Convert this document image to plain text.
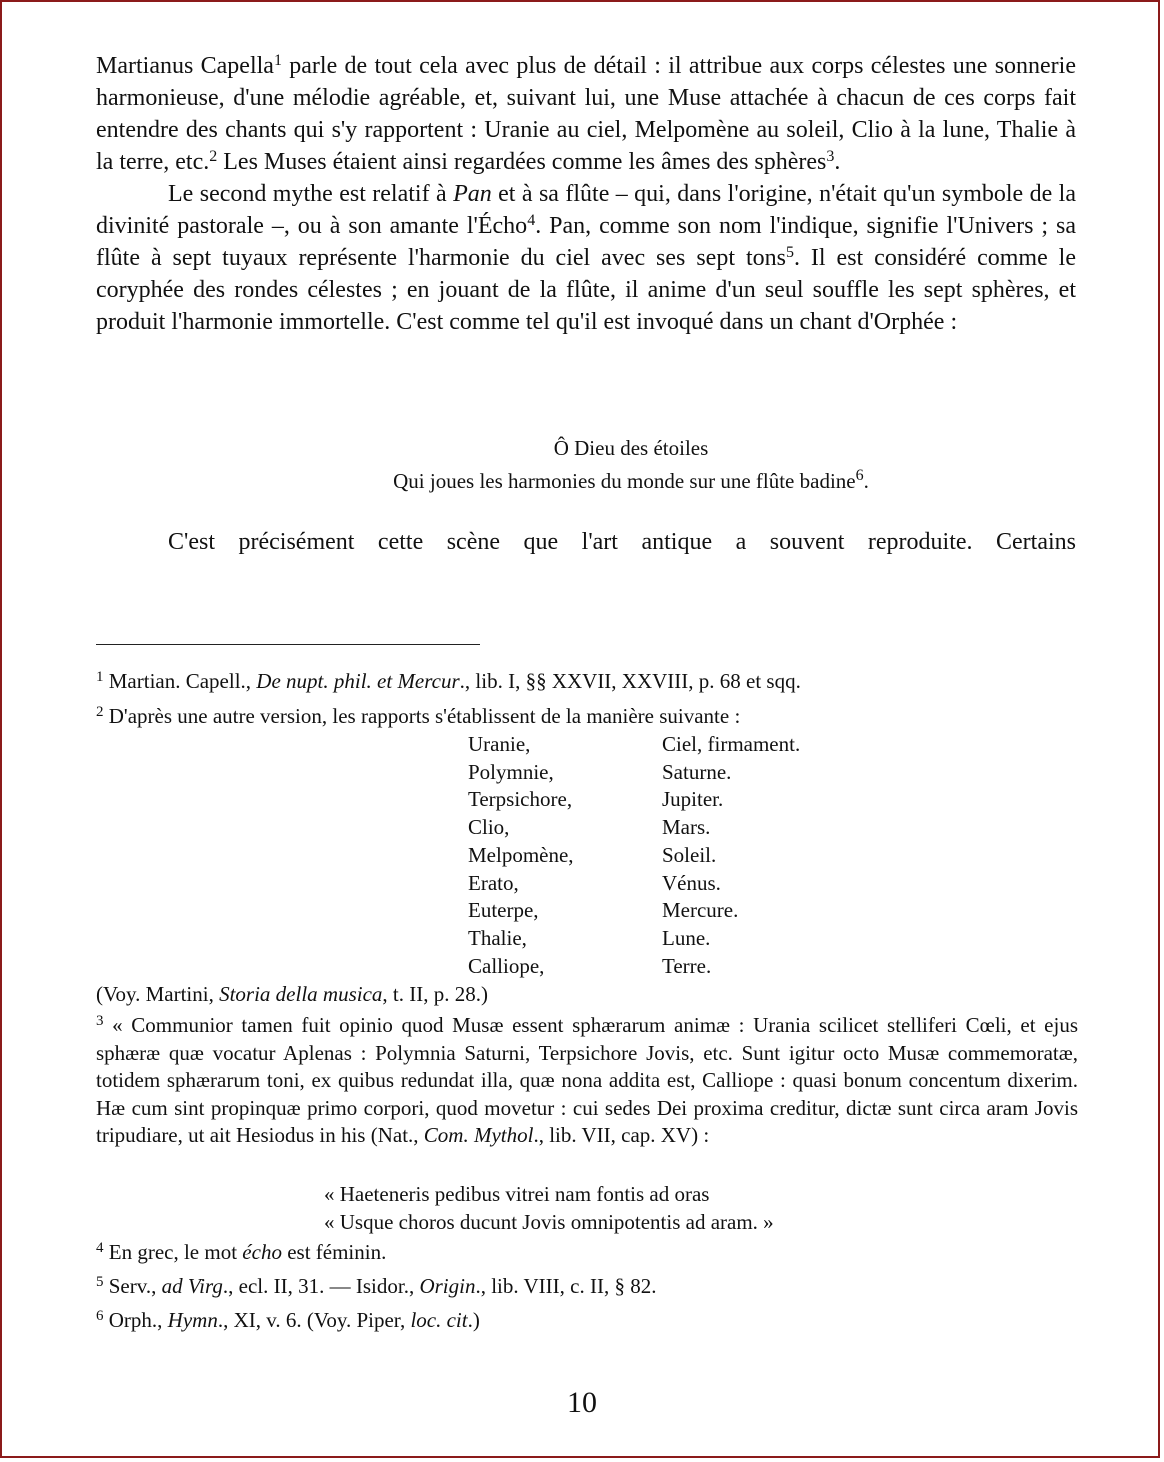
Martianus Capella$^1$ parle de tout cela avec plus de détail : il attribue aux corps célestes une sonnerie harmonieuse, d'une mélodie agréable, et, suivant lui, une Muse attachée à chacun de ces corps fait entendre des chants qui s'y rapportent : Uranie au ciel, Melpomène au soleil, Clio à la lune, Thalie à la terre, etc.$^2$ Les Muses étaient ainsi regardées comme les âmes des sphères$^3$.

Le second mythe est relatif à Pan et à sa flûte – qui, dans l'origine, n'était qu'un symbole de la divinité pastorale –, ou à son amante l'Écho$^4$. Pan, comme son nom l'indique, signifie l'Univers ; sa flûte à sept tuyaux représente l'harmonie du ciel avec ses sept tons$^5$. Il est considéré comme le coryphée des rondes célestes ; en jouant de la flûte, il anime d'un seul souffle les sept sphères, et produit l'harmonie immortelle. C'est comme tel qu'il est invoqué dans un chant d'Orphée :

Ô Dieu des étoiles
Qui joues les harmonies du monde sur une flûte badine$^6$.
C'est précisément cette scène que l'art antique a souvent reproduite. Certains
$^1$ Martian. Capell., De nupt. phil. et Mercur., lib. I, §§ XXVII, XXVIII, p. 68 et sqq.
$^2$ D'après une autre version, les rapports s'établissent de la manière suivante :
Uranie,	Ciel, firmament.
Polymnie,	Saturne.
Terpsichore,	Jupiter.
Clio,	Mars.
Melpomène,	Soleil.
Erato,	Vénus.
Euterpe,	Mercure.
Thalie,	Lune.
Calliope,	Terre.
(Voy. Martini, Storia della musica, t. II, p. 28.)
$^3$ « Communior tamen fuit opinio quod Musæ essent sphærarum animæ : Urania scilicet stelliferi Cœli, et ejus sphæræ quæ vocatur Aplenas : Polymnia Saturni, Terpsichore Jovis, etc. Sunt igitur octo Musæ commemoratæ, totidem sphærarum toni, ex quibus redundat illa, quæ nona addita est, Calliope : quasi bonum concentum dixerim. Hæ cum sint propinquæ primo corpori, quod movetur : cui sedes Dei proxima creditur, dictæ sunt circa aram Jovis tripudiare, ut ait Hesiodus in his (Nat., Com. Mythol., lib. VII, cap. XV) :
« Haeteneris pedibus vitrei nam fontis ad oras
« Usque choros ducunt Jovis omnipotentis ad aram. »
$^4$ En grec, le mot écho est féminin.
$^5$ Serv., ad Virg., ecl. II, 31. — Isidor., Origin., lib. VIII, c. II, § 82.
$^6$ Orph., Hymn., XI, v. 6. (Voy. Piper, loc. cit.)
10
